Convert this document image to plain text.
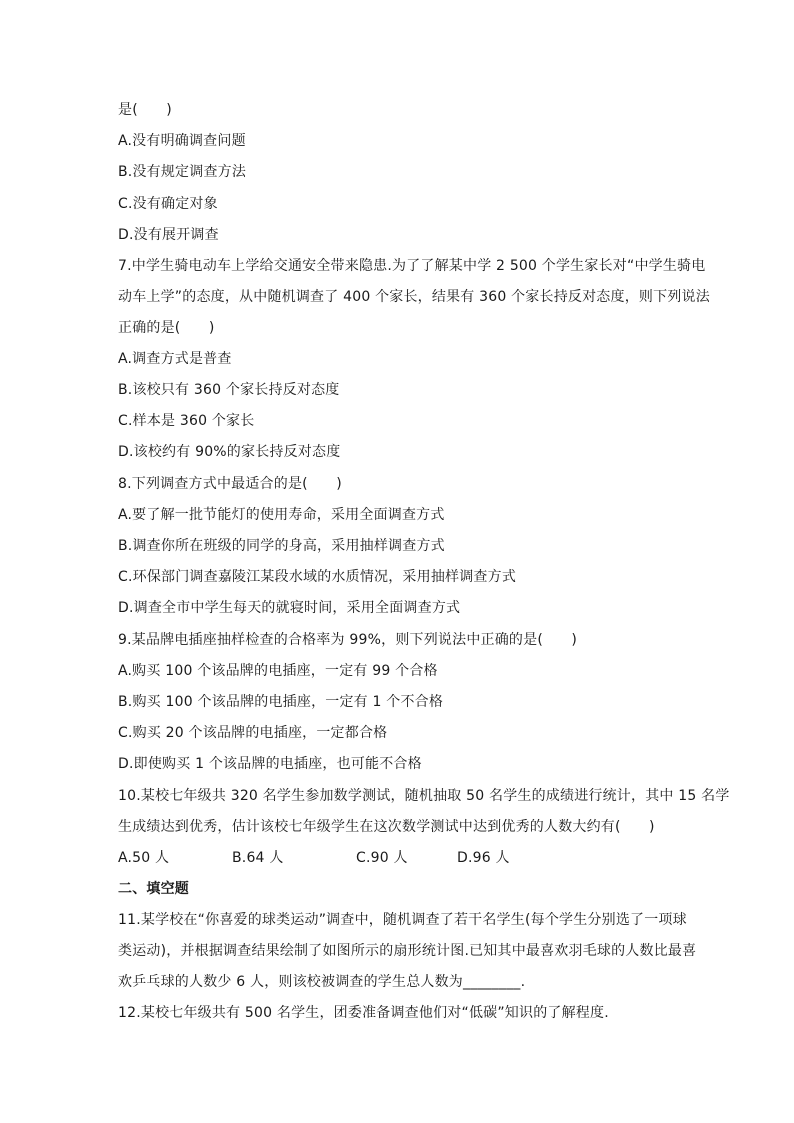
是(　　)
A.没有明确调查问题
B.没有规定调查方法
C.没有确定对象
D.没有展开调查
7.中学生骑电动车上学给交通安全带来隐患.为了了解某中学 2 500 个学生家长对“中学生骑电
动车上学”的态度，从中随机调查了 400 个家长，结果有 360 个家长持反对态度，则下列说法
正确的是(　　)
A.调查方式是普查
B.该校只有 360 个家长持反对态度
C.样本是 360 个家长
D.该校约有 90%的家长持反对态度
8.下列调查方式中最适合的是(　　)
A.要了解一批节能灯的使用寿命，采用全面调查方式
B.调查你所在班级的同学的身高，采用抽样调查方式
C.环保部门调查嘉陵江某段水域的水质情况，采用抽样调查方式
D.调查全市中学生每天的就寝时间，采用全面调查方式
9.某品牌电插座抽样检查的合格率为 99%，则下列说法中正确的是(　　)
A.购买 100 个该品牌的电插座，一定有 99 个合格
B.购买 100 个该品牌的电插座，一定有 1 个不合格
C.购买 20 个该品牌的电插座，一定都合格
D.即使购买 1 个该品牌的电插座，也可能不合格
10.某校七年级共 320 名学生参加数学测试，随机抽取 50 名学生的成绩进行统计，其中 15 名学
生成绩达到优秀，估计该校七年级学生在这次数学测试中达到优秀的人数大约有(　　)

A.50 人

	B.64 人

	C.90 人

	D.96 人

二、填空题
11.某学校在“你喜爱的球类运动”调查中，随机调查了若干名学生(每个学生分别选了一项球
类运动)，并根据调查结果绘制了如图所示的扇形统计图.已知其中最喜欢羽毛球的人数比最喜
欢乒乓球的人数少 6 人，则该校被调查的学生总人数为________.
12.某校七年级共有 500 名学生，团委准备调查他们对“低碳”知识的了解程度.
